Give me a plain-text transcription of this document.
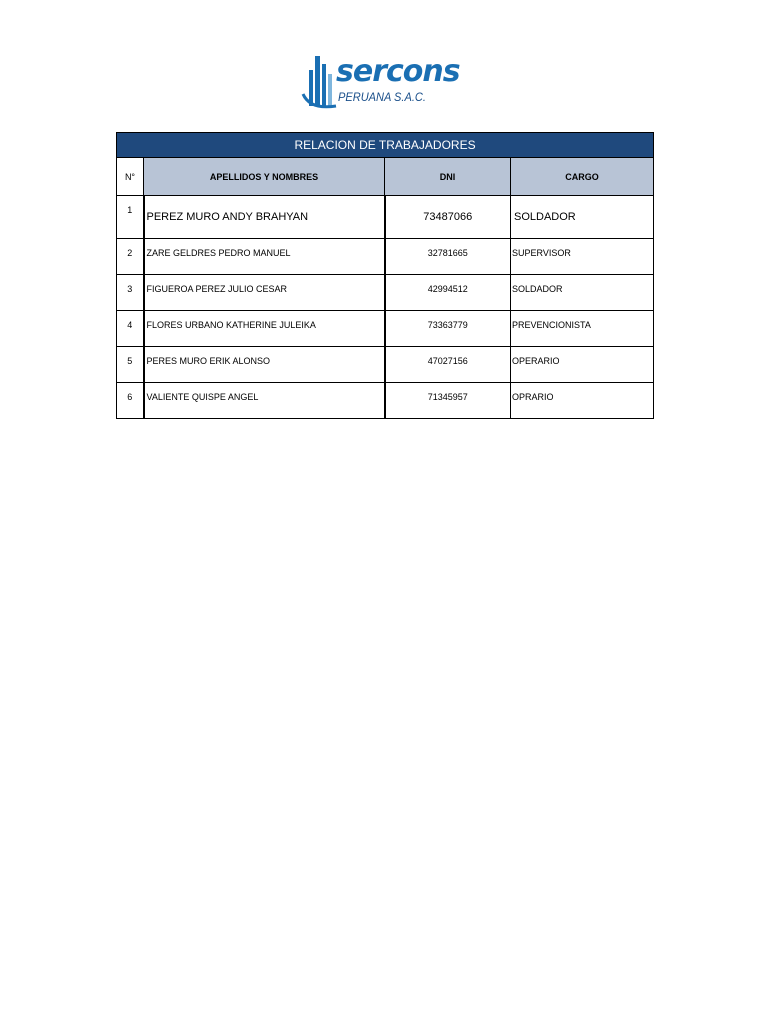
sercons
PERUANA S.A.C.
RELACION DE TRABAJADORES			
N°	APELLIDOS Y NOMBRES	DNI	CARGO
1	PEREZ MURO ANDY BRAHYAN	73487066	SOLDADOR
2	ZARE GELDRES PEDRO MANUEL	32781665	SUPERVISOR
3	FIGUEROA PEREZ JULIO CESAR	42994512	SOLDADOR
4	FLORES URBANO KATHERINE JULEIKA	73363779	PREVENCIONISTA
5	PERES MURO ERIK ALONSO	47027156	OPERARIO
6	VALIENTE QUISPE ANGEL	71345957	OPRARIO
